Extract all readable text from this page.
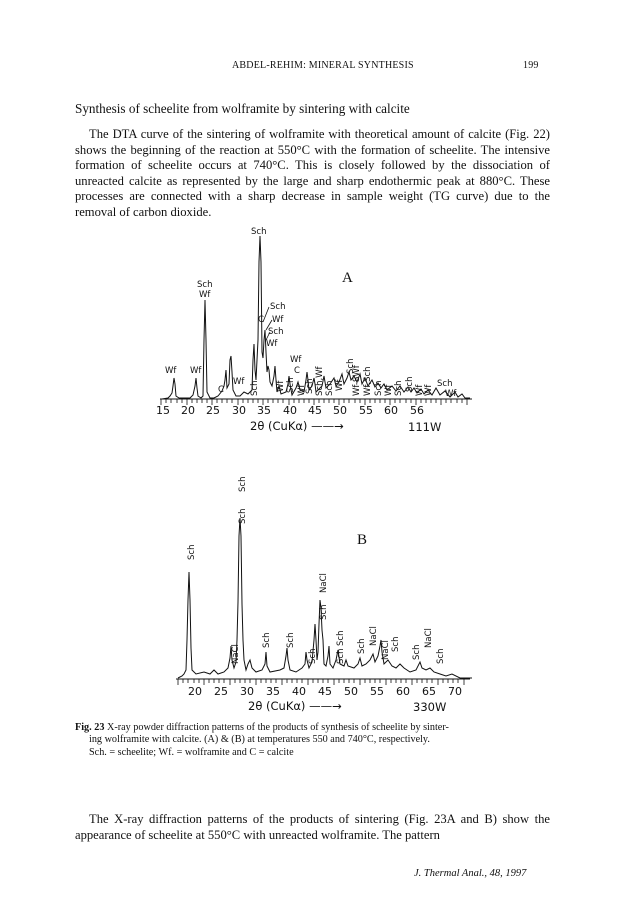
ABDEL-REHIM: MINERAL SYNTHESIS	199
Synthesis of scheelite from wolframite by sintering with calcite

The DTA curve of the sintering of wolframite with theoretical amount of calcite (Fig. 22) shows the beginning of the reaction at 550°C with the formation of scheelite. The intensive formation of scheelite occurs at 740°C. This is closely followed by the dissociation of unreacted calcite as represented by the large and sharp endothermic peak at 880°C. These processes are connected with a sharp decrease in sample weight (TG curve) due to the removal of carbon dioxide.

A
Sch
Sch
Wf
Sch
C Wf
Sch
Wf
Wf Wf
Wf
C
Wf
C
Sch
Wf
Sch Wf Sch Wf
Sch Sch,Wf Sch Wf
Sch
Wf-SWf Wf,Sch Sch Wf Sch Sch Wf Wf
15 20 25 30 35 40 45 50 55 60 56
2θ (CuKα) ——→	111W
B
Sch
Sch
Sch
NaCl
Sch Sch
NaCl
Sch
Sch Sch
Sch
Sch
NaCl
NaCl Sch
Sch
NaCl
Sch
20 25 30 35 40 45 50 55 60 65 70
2θ (CuKα) ——→	330W
Fig. 23 X-ray powder diffraction patterns of the products of synthesis of scheelite by sinter-
ing wolframite with calcite. (A) & (B) at temperatures 550 and 740°C, respectively.
Sch. = scheelite; Wf. = wolframite and C = calcite

The X-ray diffraction patterns of the products of sintering (Fig. 23A and B) show the appearance of scheelite at 550°C with unreacted wolframite. The pattern

J. Thermal Anal., 48, 1997
